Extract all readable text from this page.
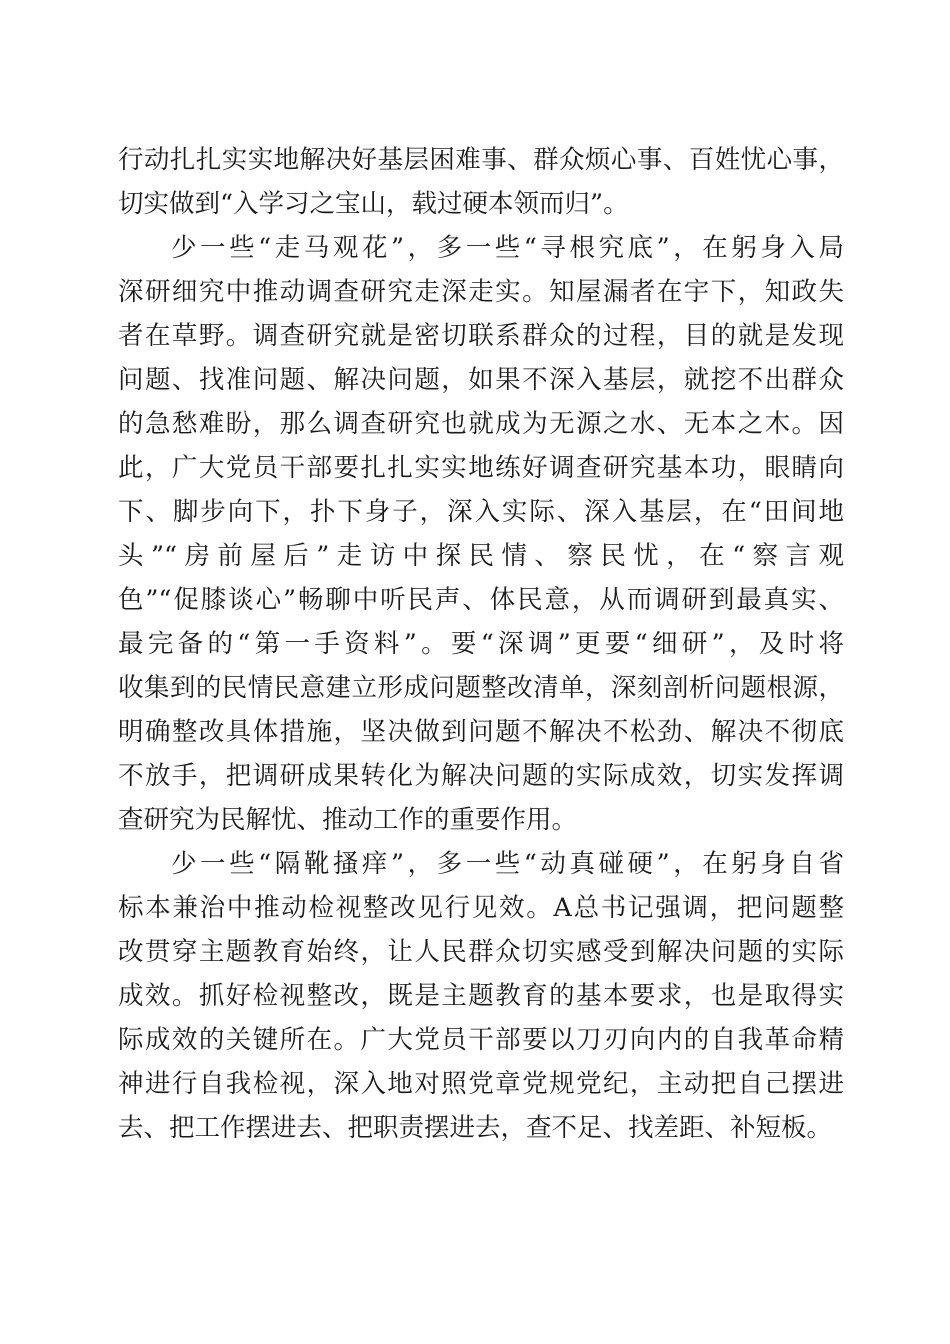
行动扎扎实实地解决好基层困难事、群众烦心事、百姓忧心事，
切实做到“入学习之宝山，载过硬本领而归”。
少一些“走马观花”，多一些“寻根究底”，在躬身入局
深研细究中推动调查研究走深走实。知屋漏者在宇下，知政失
者在草野。调查研究就是密切联系群众的过程，目的就是发现
问题、找准问题、解决问题，如果不深入基层，就挖不出群众
的急愁难盼，那么调查研究也就成为无源之水、无本之木。因
此，广大党员干部要扎扎实实地练好调查研究基本功，眼睛向
下、脚步向下，扑下身子，深入实际、深入基层，在“田间地
头”“房前屋后”走访中探民情、察民忧，在“察言观
色”“促膝谈心”畅聊中听民声、体民意，从而调研到最真实、
最完备的“第一手资料”。要“深调”更要“细研”，及时将
收集到的民情民意建立形成问题整改清单，深刻剖析问题根源，
明确整改具体措施，坚决做到问题不解决不松劲、解决不彻底
不放手，把调研成果转化为解决问题的实际成效，切实发挥调
查研究为民解忧、推动工作的重要作用。
少一些“隔靴搔痒”，多一些“动真碰硬”，在躬身自省
标本兼治中推动检视整改见行见效。A总书记强调，把问题整
改贯穿主题教育始终，让人民群众切实感受到解决问题的实际
成效。抓好检视整改，既是主题教育的基本要求，也是取得实
际成效的关键所在。广大党员干部要以刀刃向内的自我革命精
神进行自我检视，深入地对照党章党规党纪，主动把自己摆进
去、把工作摆进去、把职责摆进去，查不足、找差距、补短板。
